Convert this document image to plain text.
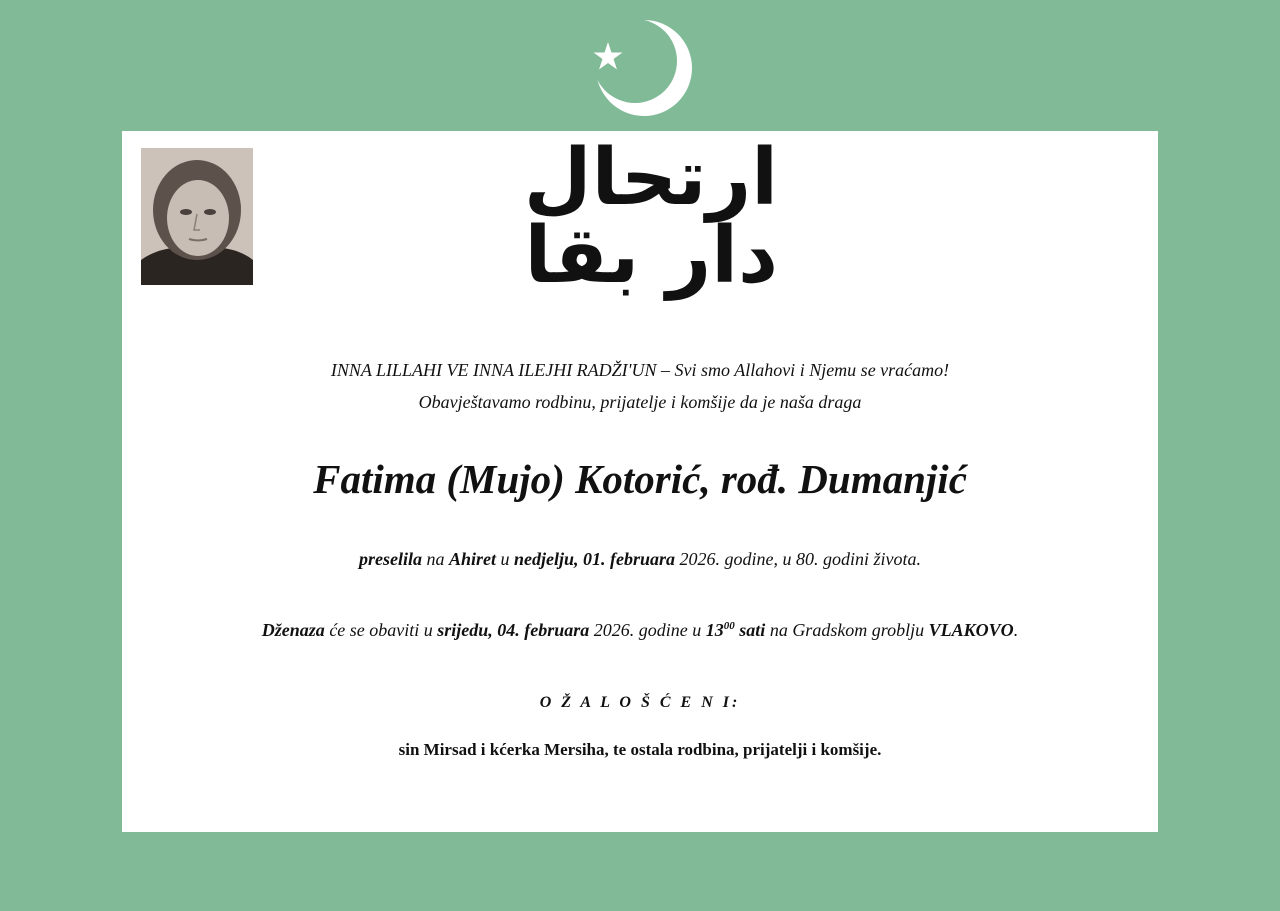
ارتحال دار بقا
INNA LILLAHI VE INNA ILEJHI RADŽI'UN – Svi smo Allahovi i Njemu se vraćamo!
Obavještavamo rodbinu, prijatelje i komšije da je naša draga
Fatima (Mujo) Kotorić, rođ. Dumanjić
preselila na Ahiret u nedjelju, 01. februara 2026. godine, u 80. godini života.
Dženaza će se obaviti u srijedu, 04. februara 2026. godine u $13^{00}$ sati na Gradskom groblju VLAKOVO.
O Ž A L O Š Ć E N I:
sin Mirsad i kćerka Mersiha, te ostala rodbina, prijatelji i komšije.
